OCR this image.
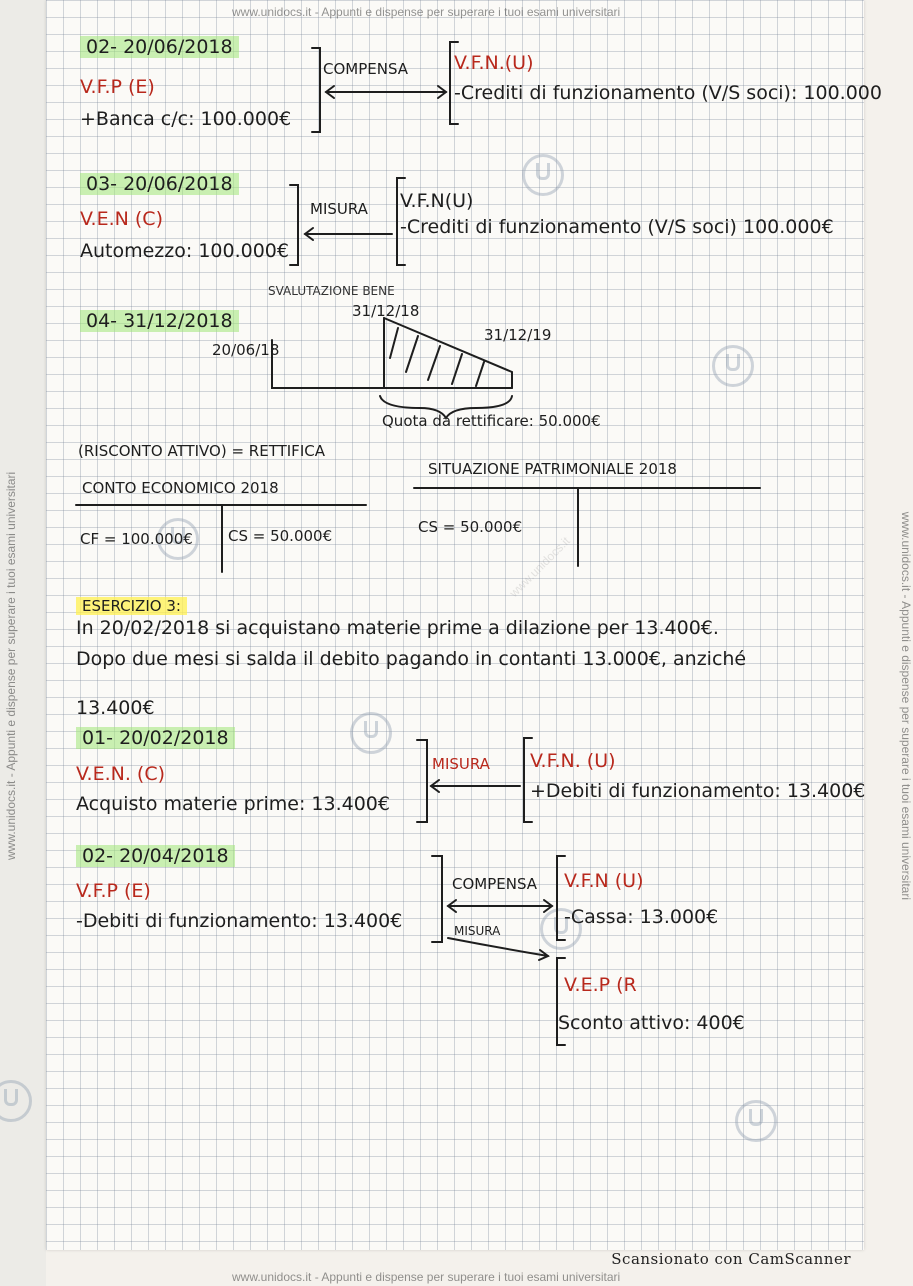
www.unidocs.it - Appunti e dispense per superare i tuoi esami universitari
www.unidocs.it - Appunti e dispense per superare i tuoi esami universitari
www.unidocs.it - Appunti e dispense per superare i tuoi esami universitari	www.unidocs.it - Appunti e dispense per superare i tuoi esami universitari
www.unidocs.it
02- 20/06/2018
V.F.P (E)
+Banca c/c: 100.000€
COMPENSA V.F.N.(U)
-Crediti di funzionamento (V/S soci): 100.000
03- 20/06/2018
V.E.N (C)
Automezzo: 100.000€
MISURA V.F.N(U)
-Crediti di funzionamento (V/S soci) 100.000€
04- 31/12/2018
SVALUTAZIONE BENE
31/12/18
20/06/18
31/12/19
Quota da rettificare: 50.000€
(RISCONTO ATTIVO) = RETTIFICA
CONTO ECONOMICO 2018
CF = 100.000€ CS = 50.000€
SITUAZIONE PATRIMONIALE 2018
CS = 50.000€
ESERCIZIO 3:
In 20/02/2018 si acquistano materie prime a dilazione per 13.400€.
Dopo due mesi si salda il debito pagando in contanti 13.000€, anziché
13.400€
01- 20/02/2018
V.E.N. (C)
Acquisto materie prime: 13.400€
MISURA V.F.N. (U)
+Debiti di funzionamento: 13.400€
02- 20/04/2018
V.F.P (E)
-Debiti di funzionamento: 13.400€
COMPENSA
MISURA
V.F.N (U)
-Cassa: 13.000€
V.E.P (R
Sconto attivo: 400€
Scansionato con CamScanner
